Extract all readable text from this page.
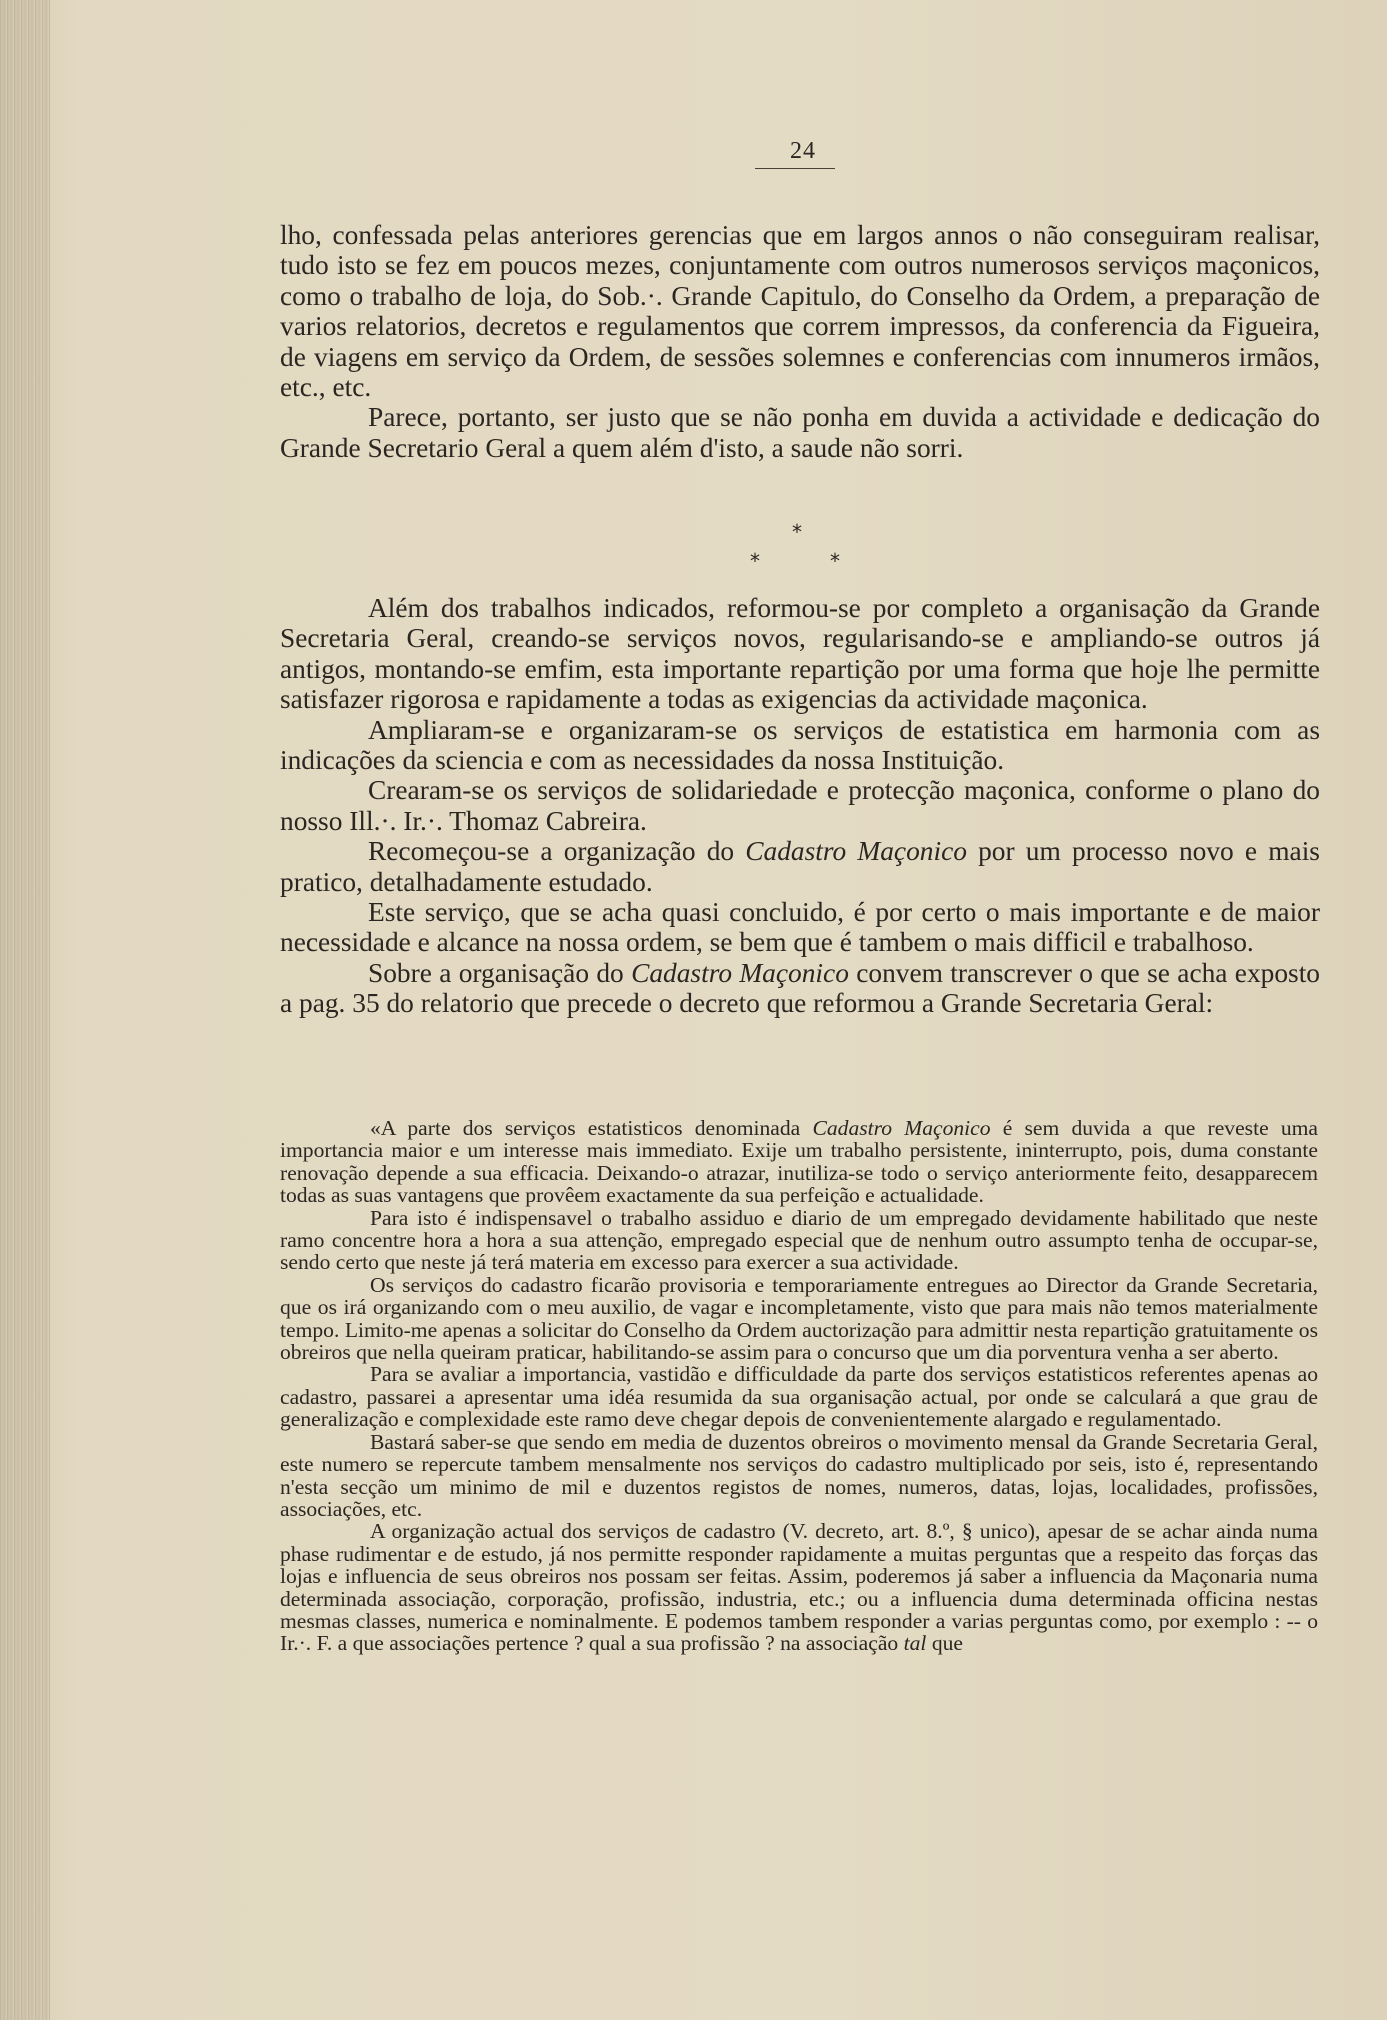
24

lho, confessada pelas anteriores gerencias que em largos annos o não conseguiram realisar, tudo isto se fez em poucos mezes, conjuntamente com outros numerosos serviços maçonicos, como o trabalho de loja, do Sob.·. Grande Capitulo, do Conselho da Ordem, a preparação de varios relatorios, decretos e regulamentos que correm impressos, da conferencia da Figueira, de viagens em serviço da Ordem, de sessões solemnes e conferencias com innumeros irmãos, etc., etc.

Parece, portanto, ser justo que se não ponha em duvida a actividade e dedicação do Grande Secretario Geral a quem além d'isto, a saude não sorri.

*
*	*

Além dos trabalhos indicados, reformou-se por completo a organisação da Grande Secretaria Geral, creando-se serviços novos, regularisando-se e ampliando-se outros já antigos, montando-se emfim, esta importante repartição por uma forma que hoje lhe permitte satisfazer rigorosa e rapidamente a todas as exigencias da actividade maçonica.

Ampliaram-se e organizaram-se os serviços de estatistica em harmonia com as indicações da sciencia e com as necessidades da nossa Instituição.

Crearam-se os serviços de solidariedade e protecção maçonica, conforme o plano do nosso Ill.·. Ir.·. Thomaz Cabreira.

Recomeçou-se a organização do Cadastro Maçonico por um processo novo e mais pratico, detalhadamente estudado.

Este serviço, que se acha quasi concluido, é por certo o mais importante e de maior necessidade e alcance na nossa ordem, se bem que é tambem o mais difficil e trabalhoso.

Sobre a organisação do Cadastro Maçonico convem transcrever o que se acha exposto a pag. 35 do relatorio que precede o decreto que reformou a Grande Secretaria Geral:

«A parte dos serviços estatisticos denominada Cadastro Maçonico é sem duvida a que reveste uma importancia maior e um interesse mais immediato. Exije um trabalho persistente, ininterrupto, pois, duma constante renovação depende a sua efficacia. Deixando-o atrazar, inutiliza-se todo o serviço anteriormente feito, desapparecem todas as suas vantagens que provêem exactamente da sua perfeição e actualidade.

Para isto é indispensavel o trabalho assiduo e diario de um empregado devidamente habilitado que neste ramo concentre hora a hora a sua attenção, empregado especial que de nenhum outro assumpto tenha de occupar-se, sendo certo que neste já terá materia em excesso para exercer a sua actividade.

Os serviços do cadastro ficarão provisoria e temporariamente entregues ao Director da Grande Secretaria, que os irá organizando com o meu auxilio, de vagar e incompletamente, visto que para mais não temos materialmente tempo. Limito-me apenas a solicitar do Conselho da Ordem auctorização para admittir nesta repartição gratuitamente os obreiros que nella queiram praticar, habilitando-se assim para o concurso que um dia porventura venha a ser aberto.

Para se avaliar a importancia, vastidão e difficuldade da parte dos serviços estatisticos referentes apenas ao cadastro, passarei a apresentar uma idéa resumida da sua organisação actual, por onde se calculará a que grau de generalização e complexidade este ramo deve chegar depois de convenientemente alargado e regulamentado.

Bastará saber-se que sendo em media de duzentos obreiros o movimento mensal da Grande Secretaria Geral, este numero se repercute tambem mensalmente nos serviços do cadastro multiplicado por seis, isto é, representando n'esta secção um minimo de mil e duzentos registos de nomes, numeros, datas, lojas, localidades, profissões, associações, etc.

A organização actual dos serviços de cadastro (V. decreto, art. 8.º, § unico), apesar de se achar ainda numa phase rudimentar e de estudo, já nos permitte responder rapidamente a muitas perguntas que a respeito das forças das lojas e influencia de seus obreiros nos possam ser feitas. Assim, poderemos já saber a influencia da Maçonaria numa determinada associação, corporação, profissão, industria, etc.; ou a influencia duma determinada officina nestas mesmas classes, numerica e nominalmente. E podemos tambem responder a varias perguntas como, por exemplo : -- o Ir.·. F. a que associações pertence ? qual a sua profissão ? na associação tal que
